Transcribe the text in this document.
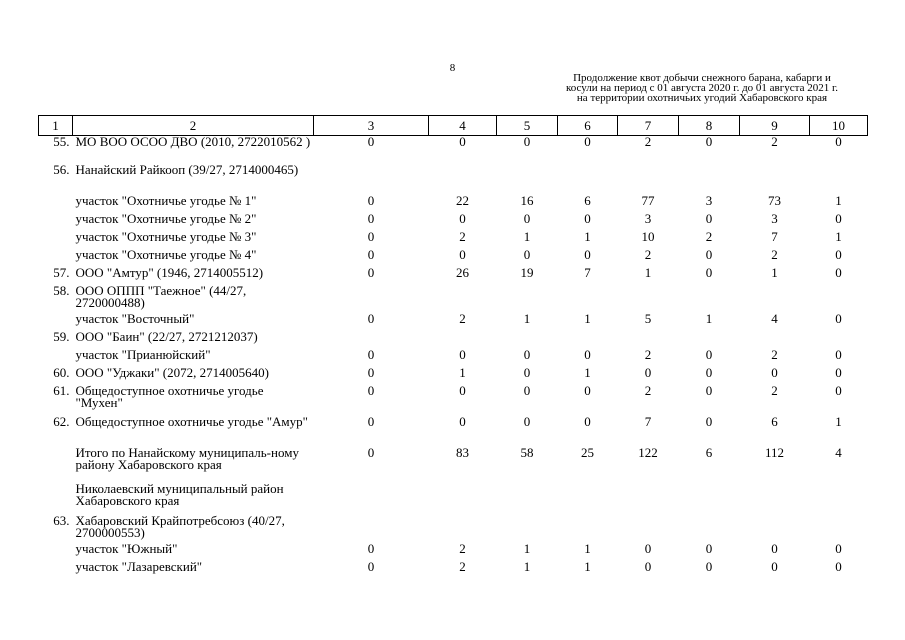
8
Продолжение квот добычи снежного барана, кабарги и
косули на период с 01 августа 2020 г. до 01 августа 2021 г.
на территории охотничьих угодий Хабаровского края
1	2	3	4	5	6	7	8	9	10
55.	МО ВОО ОСОО ДВО (2010, 2722010562 )	0	0	0	0	2	0	2	0
56.	Нанайский Райкооп (39/27, 2714000465)								
	участок "Охотничье угодье № 1"	0	22	16	6	77	3	73	1
	участок "Охотничье угодье № 2"	0	0	0	0	3	0	3	0
	участок "Охотничье угодье № 3"	0	2	1	1	10	2	7	1
	участок "Охотничье угодье № 4"	0	0	0	0	2	0	2	0
57.	ООО "Амтур" (1946, 2714005512)	0	26	19	7	1	0	1	0
58.	ООО ОППП "Таежное" (44/27, 2720000488)								
	участок "Восточный"	0	2	1	1	5	1	4	0
59.	ООО "Баин" (22/27, 2721212037)								
	участок "Прианюйский"	0	0	0	0	2	0	2	0
60.	ООО "Уджаки" (2072, 2714005640)	0	1	0	1	0	0	0	0
61.	Общедоступное охотничье угодье "Мухен"	0	0	0	0	2	0	2	0
62.	Общедоступное охотничье угодье "Амур"	0	0	0	0	7	0	6	1
	Итого по Нанайскому муниципаль-ному району Хабаровского края	0	83	58	25	122	6	112	4
	Николаевский муниципальный район Хабаровского края								
63.	Хабаровский Крайпотребсоюз (40/27, 2700000553)								
	участок "Южный"	0	2	1	1	0	0	0	0
	участок "Лазаревский"	0	2	1	1	0	0	0	0
